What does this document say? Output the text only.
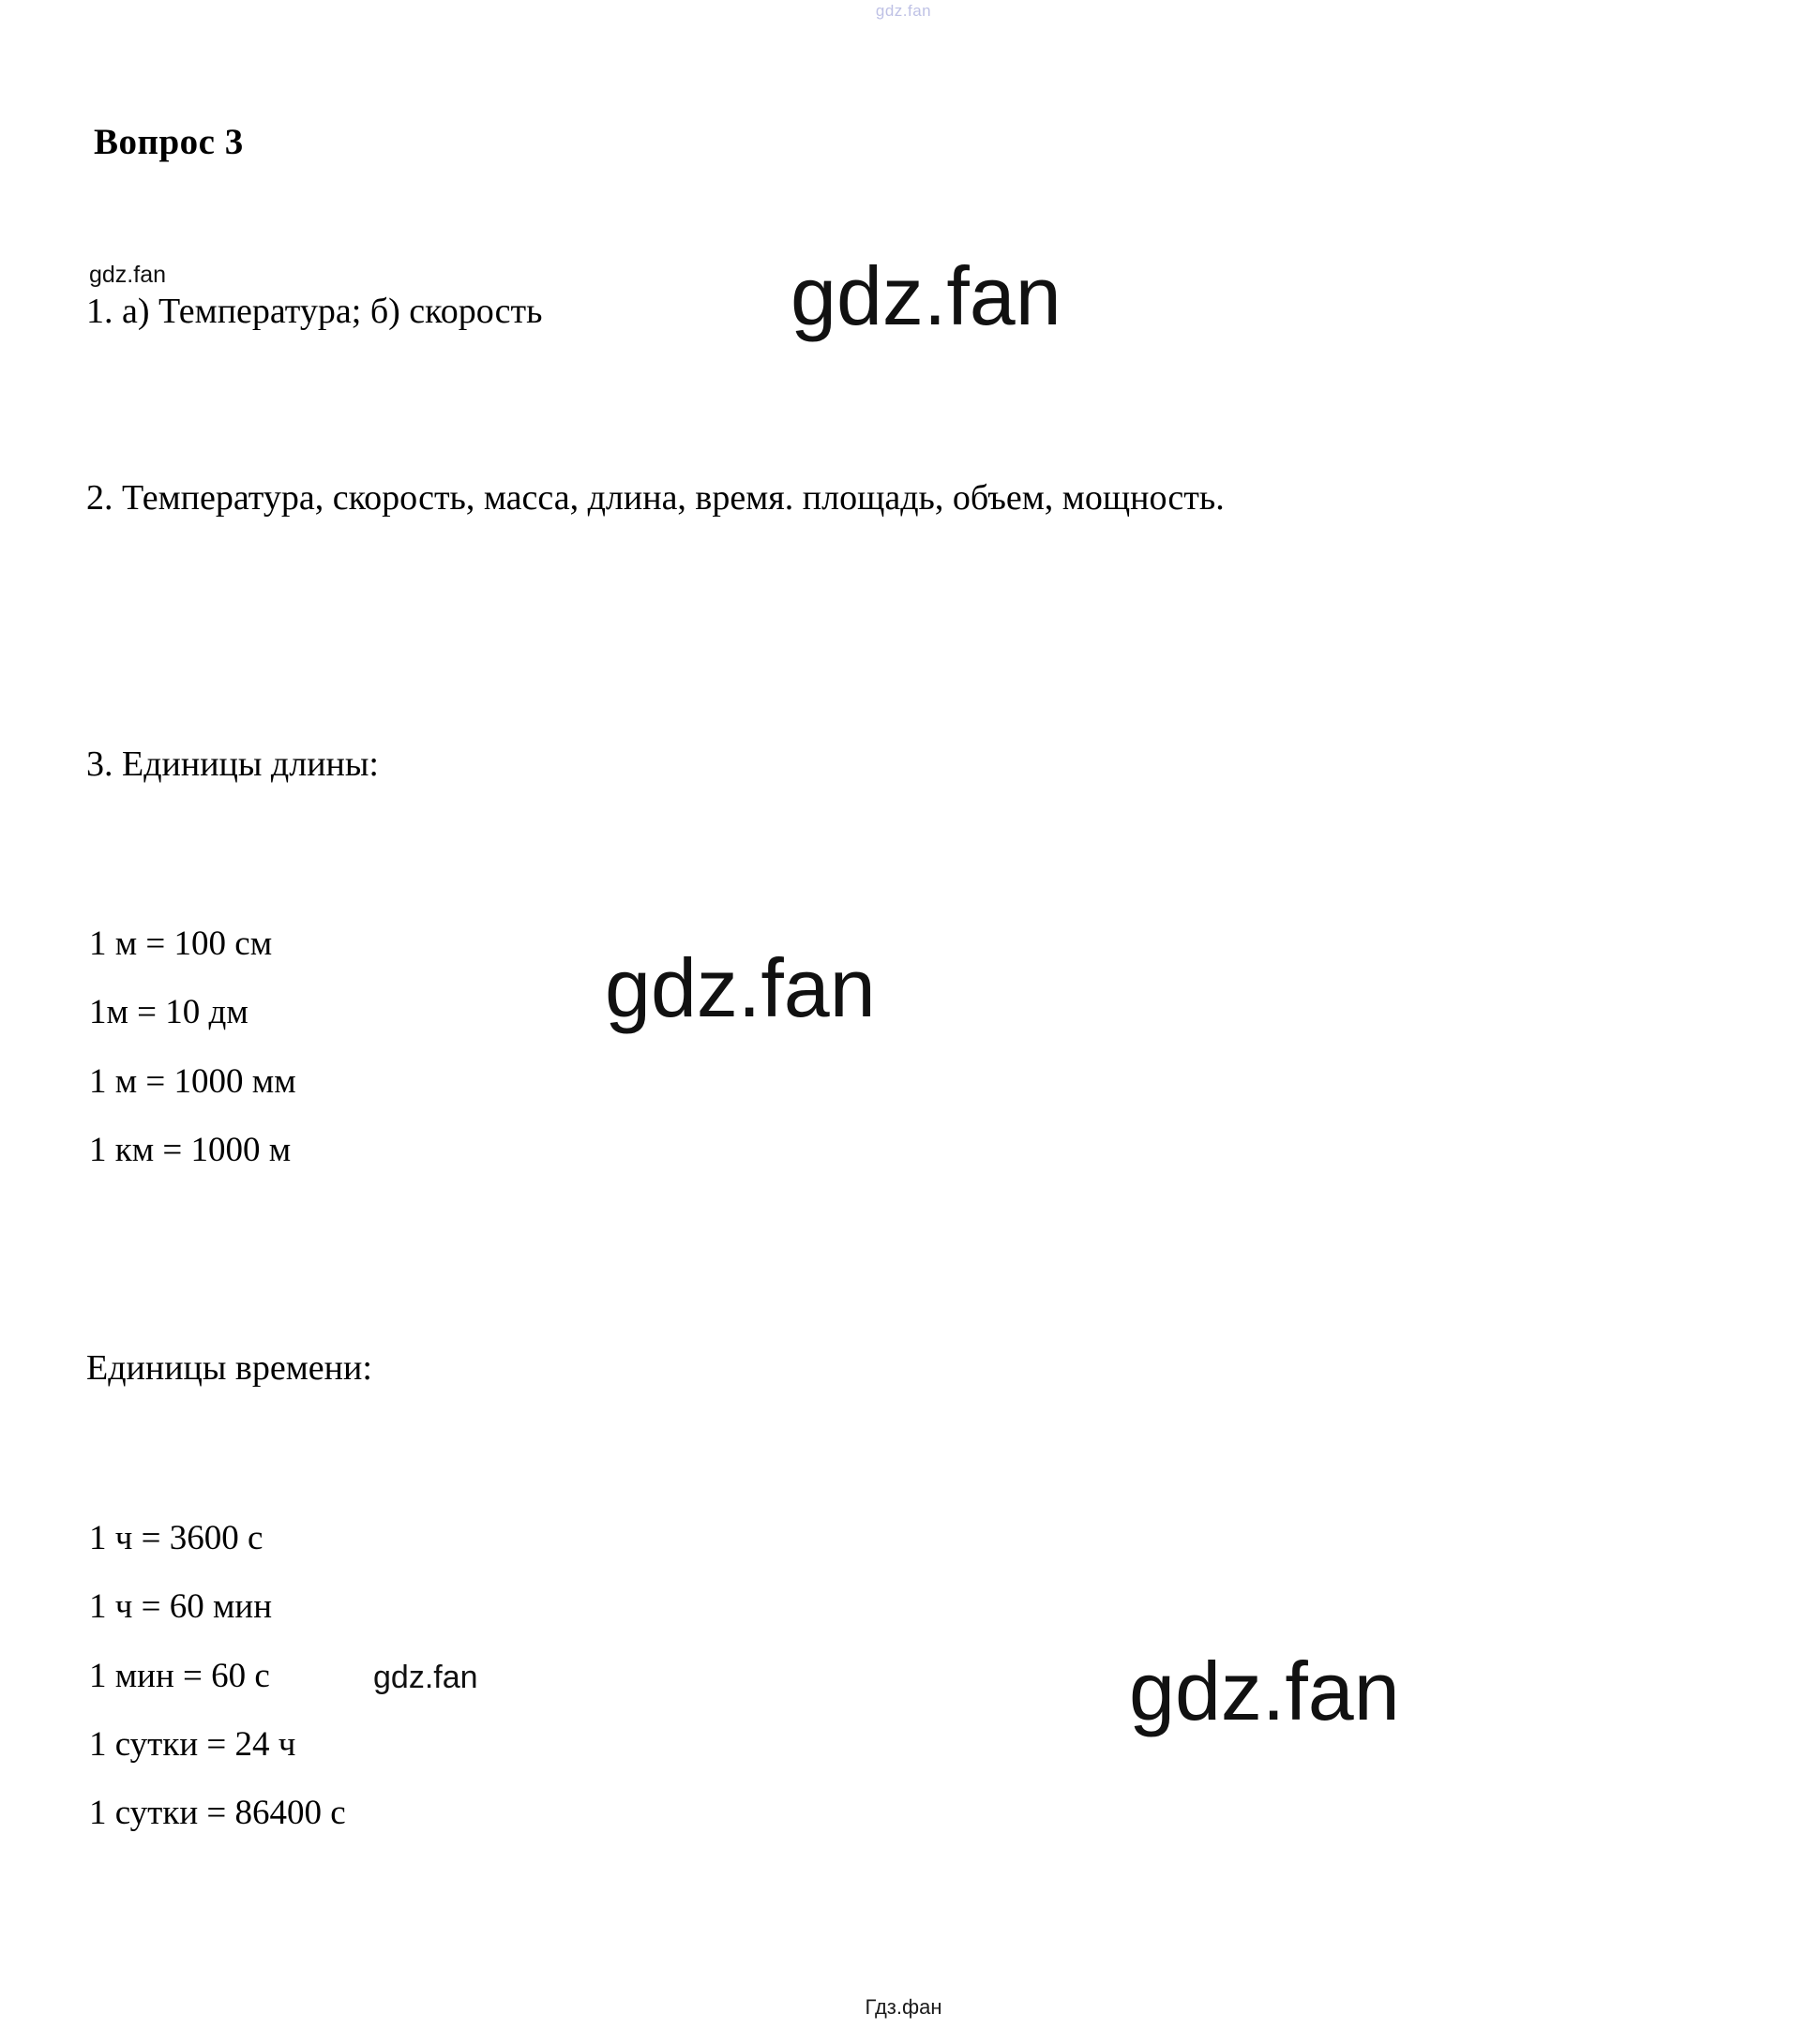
gdz.fan
Вопрос 3
gdz.fan
1. а) Температура; б) скорость	gdz.fan
2. Температура, скорость, масса, длина, время. площадь, объем, мощность.
3. Единицы длины:
1 м = 100 см
1м = 10 дм
1 м = 1000 мм
1 км = 1000 м
gdz.fan
Единицы времени:
1 ч = 3600 с
1 ч = 60 мин
1 мин = 60 с
1 сутки = 24 ч
1 сутки = 86400 с
gdz.fan	gdz.fan
Гдз.фан
